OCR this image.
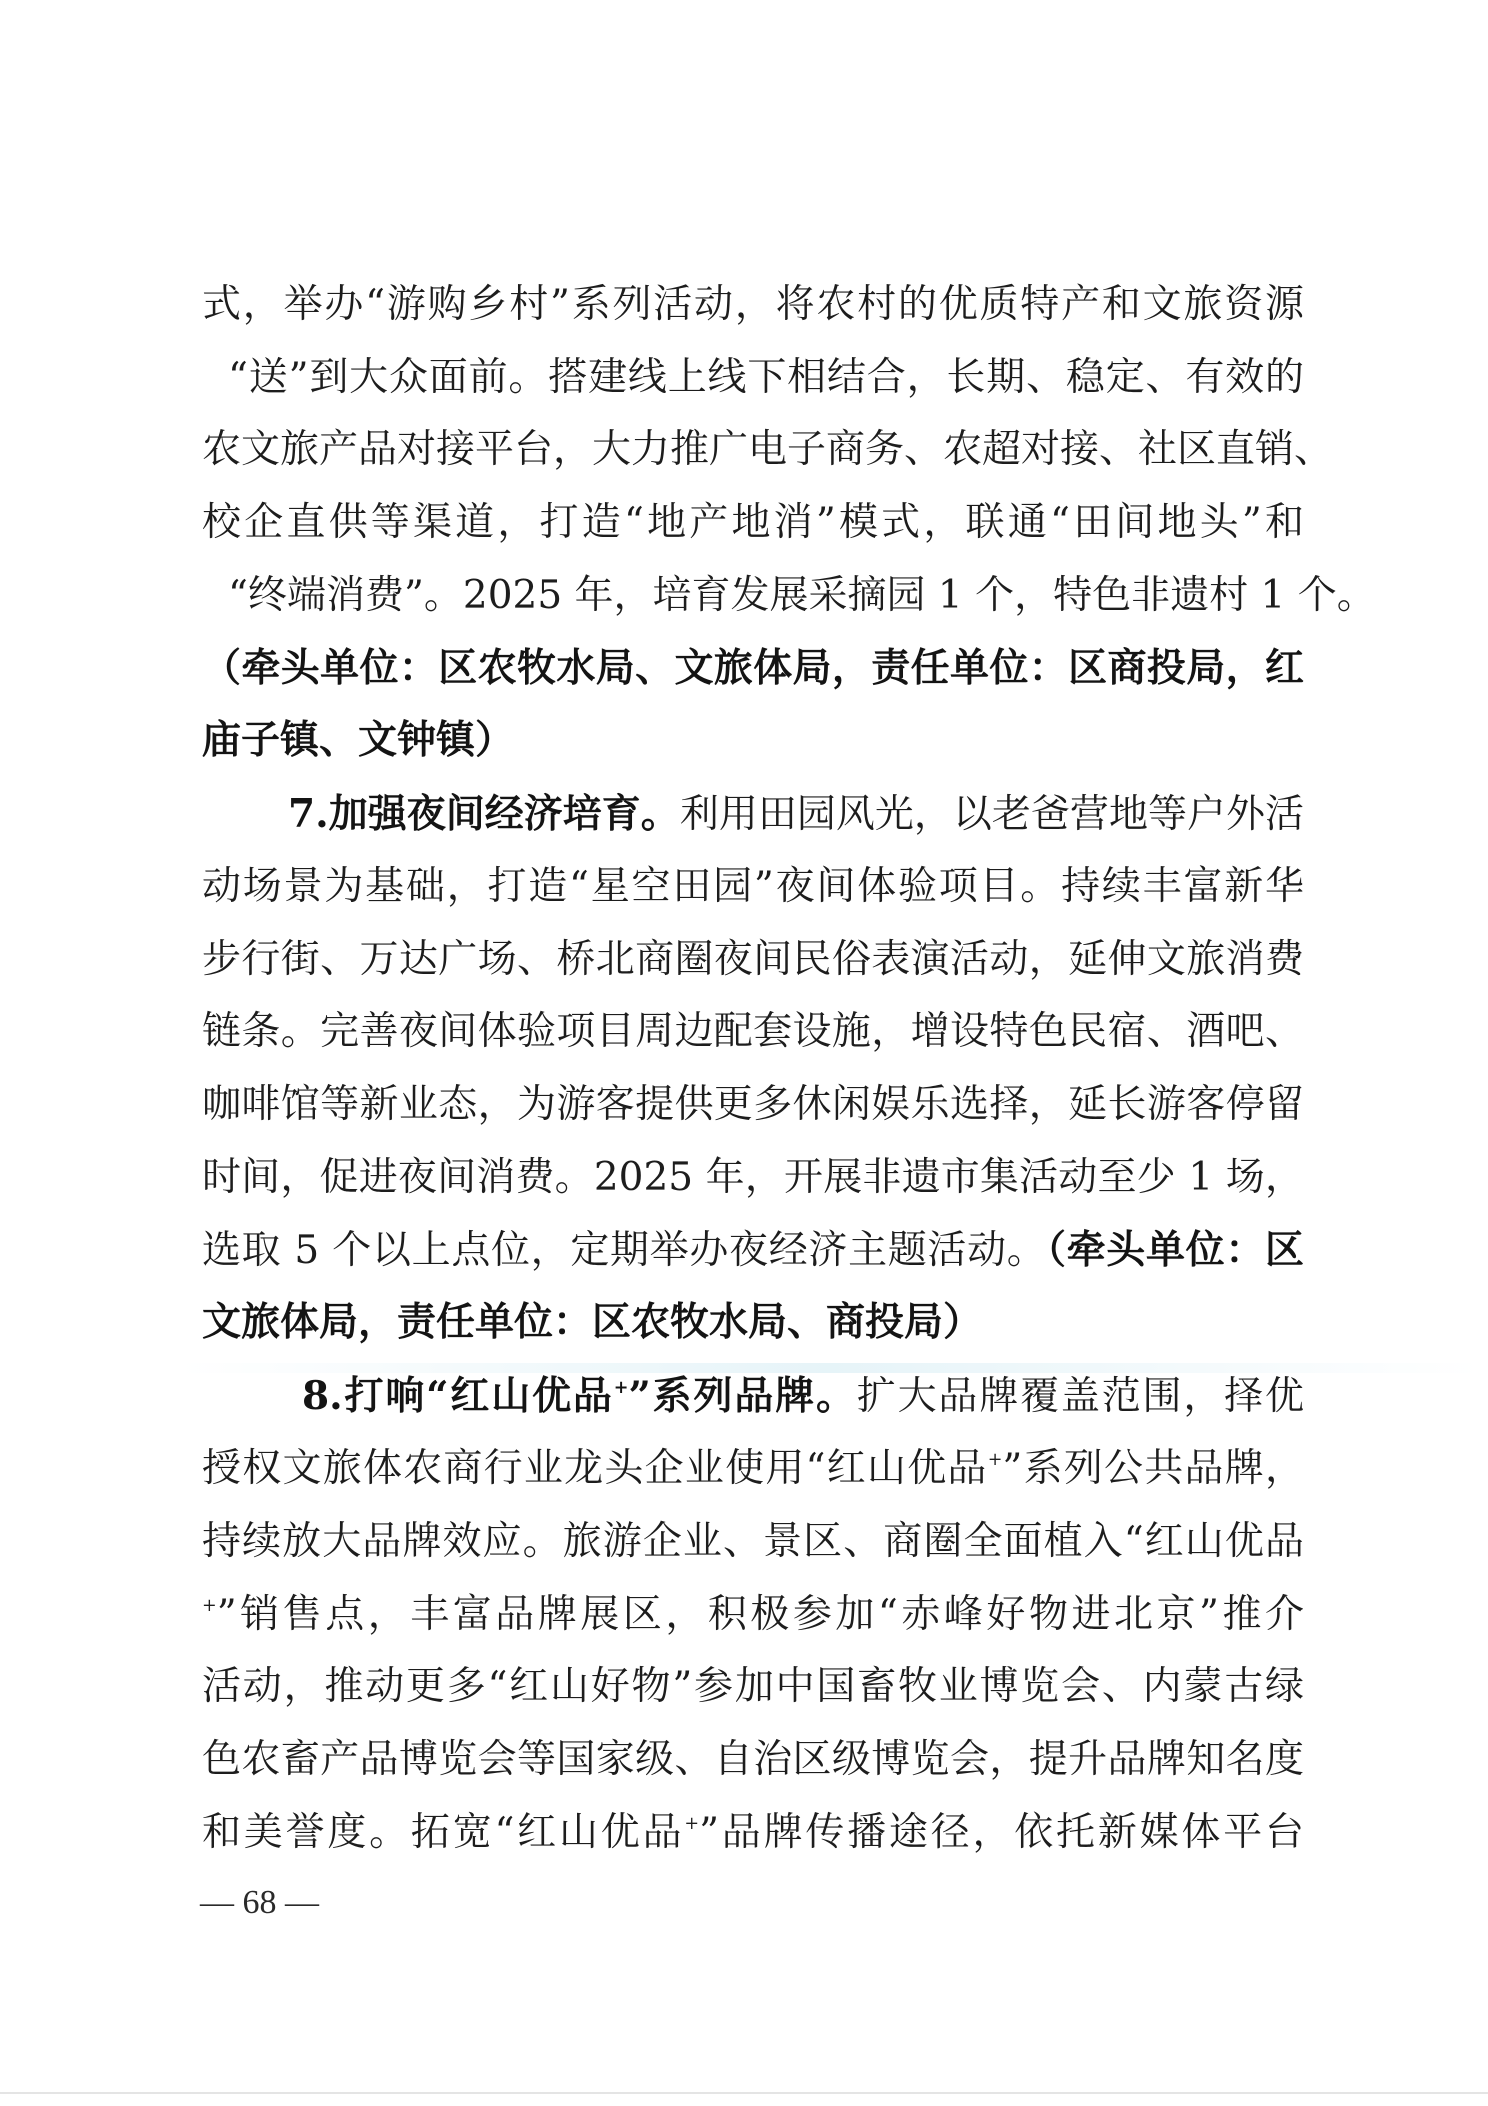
式，举办“游购乡村”系列活动，将农村的优质特产和文旅资源
“送”到大众面前。搭建线上线下相结合，长期、稳定、有效的
农文旅产品对接平台，大力推广电子商务、农超对接、社区直销、
校企直供等渠道，打造“地产地消”模式，联通“田间地头”和
“终端消费”。2025 年，培育发展采摘园 1 个，特色非遗村 1 个。
（牵头单位：区农牧水局、文旅体局，责任单位：区商投局，红
庙子镇、文钟镇）
7.加强夜间经济培育。利用田园风光，以老爸营地等户外活
动场景为基础，打造“星空田园”夜间体验项目。持续丰富新华
步行街、万达广场、桥北商圈夜间民俗表演活动，延伸文旅消费
链条。完善夜间体验项目周边配套设施，增设特色民宿、酒吧、
咖啡馆等新业态，为游客提供更多休闲娱乐选择，延长游客停留
时间，促进夜间消费。2025 年，开展非遗市集活动至少 1 场，
选取 5 个以上点位，定期举办夜经济主题活动。（牵头单位：区
文旅体局，责任单位：区农牧水局、商投局）
8.打响“红山优品+”系列品牌。扩大品牌覆盖范围，择优
授权文旅体农商行业龙头企业使用“红山优品+”系列公共品牌，
持续放大品牌效应。旅游企业、景区、商圈全面植入“红山优品
+”销售点，丰富品牌展区，积极参加“赤峰好物进北京”推介
活动，推动更多“红山好物”参加中国畜牧业博览会、内蒙古绿
色农畜产品博览会等国家级、自治区级博览会，提升品牌知名度
和美誉度。拓宽“红山优品+”品牌传播途径，依托新媒体平台
— 68 —
